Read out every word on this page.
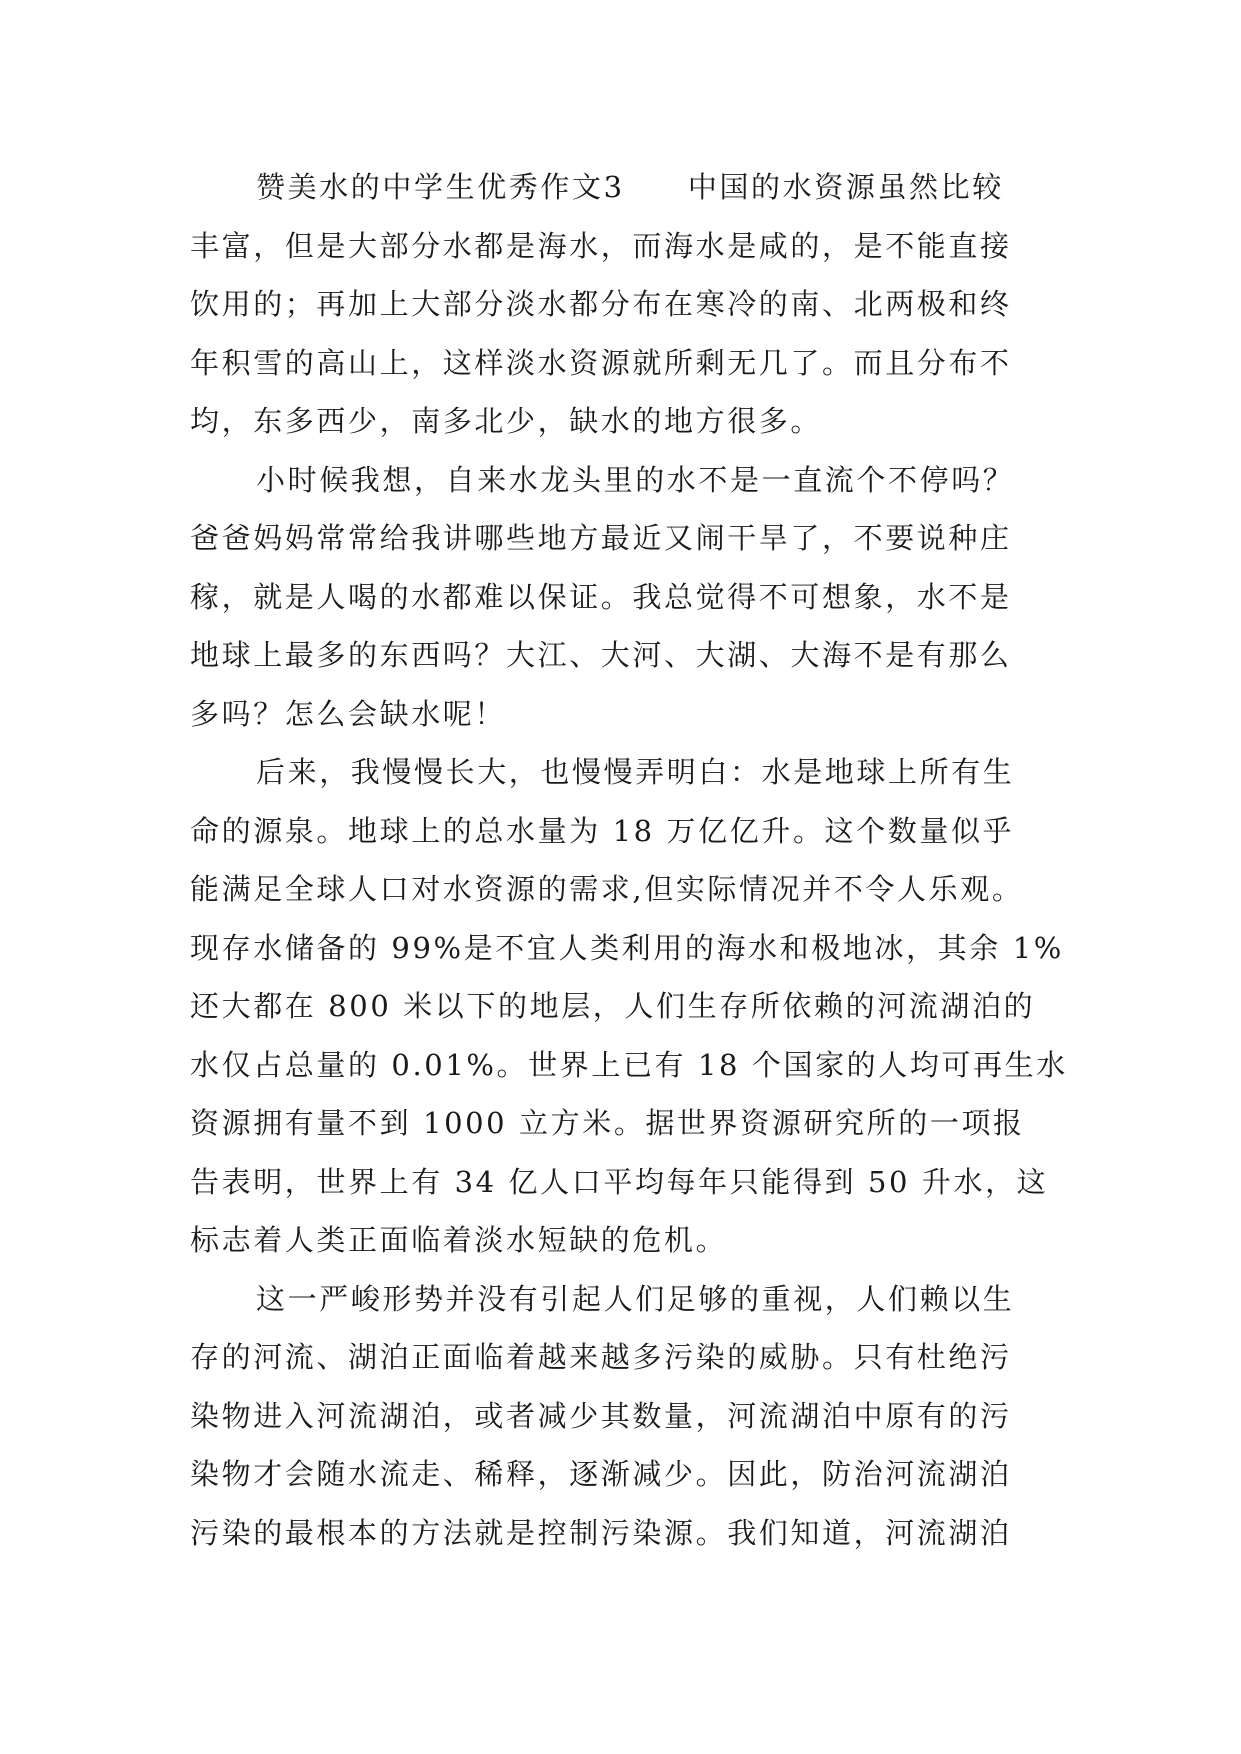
赞美水的中学生优秀作文3　　中国的水资源虽然比较
丰富，但是大部分水都是海水，而海水是咸的，是不能直接
饮用的；再加上大部分淡水都分布在寒冷的南、北两极和终
年积雪的高山上，这样淡水资源就所剩无几了。而且分布不
均，东多西少，南多北少，缺水的地方很多。
小时候我想，自来水龙头里的水不是一直流个不停吗？
爸爸妈妈常常给我讲哪些地方最近又闹干旱了，不要说种庄
稼，就是人喝的水都难以保证。我总觉得不可想象，水不是
地球上最多的东西吗？大江、大河、大湖、大海不是有那么
多吗？怎么会缺水呢！
后来，我慢慢长大，也慢慢弄明白：水是地球上所有生
命的源泉。地球上的总水量为 18 万亿亿升。这个数量似乎
能满足全球人口对水资源的需求,但实际情况并不令人乐观。
现存水储备的 99%是不宜人类利用的海水和极地冰，其余 1%
还大都在 800 米以下的地层，人们生存所依赖的河流湖泊的
水仅占总量的 0.01%。世界上已有 18 个国家的人均可再生水
资源拥有量不到 1000 立方米。据世界资源研究所的一项报
告表明，世界上有 34 亿人口平均每年只能得到 50 升水，这
标志着人类正面临着淡水短缺的危机。
这一严峻形势并没有引起人们足够的重视，人们赖以生
存的河流、湖泊正面临着越来越多污染的威胁。只有杜绝污
染物进入河流湖泊，或者减少其数量，河流湖泊中原有的污
染物才会随水流走、稀释，逐渐减少。因此，防治河流湖泊
污染的最根本的方法就是控制污染源。我们知道，河流湖泊
